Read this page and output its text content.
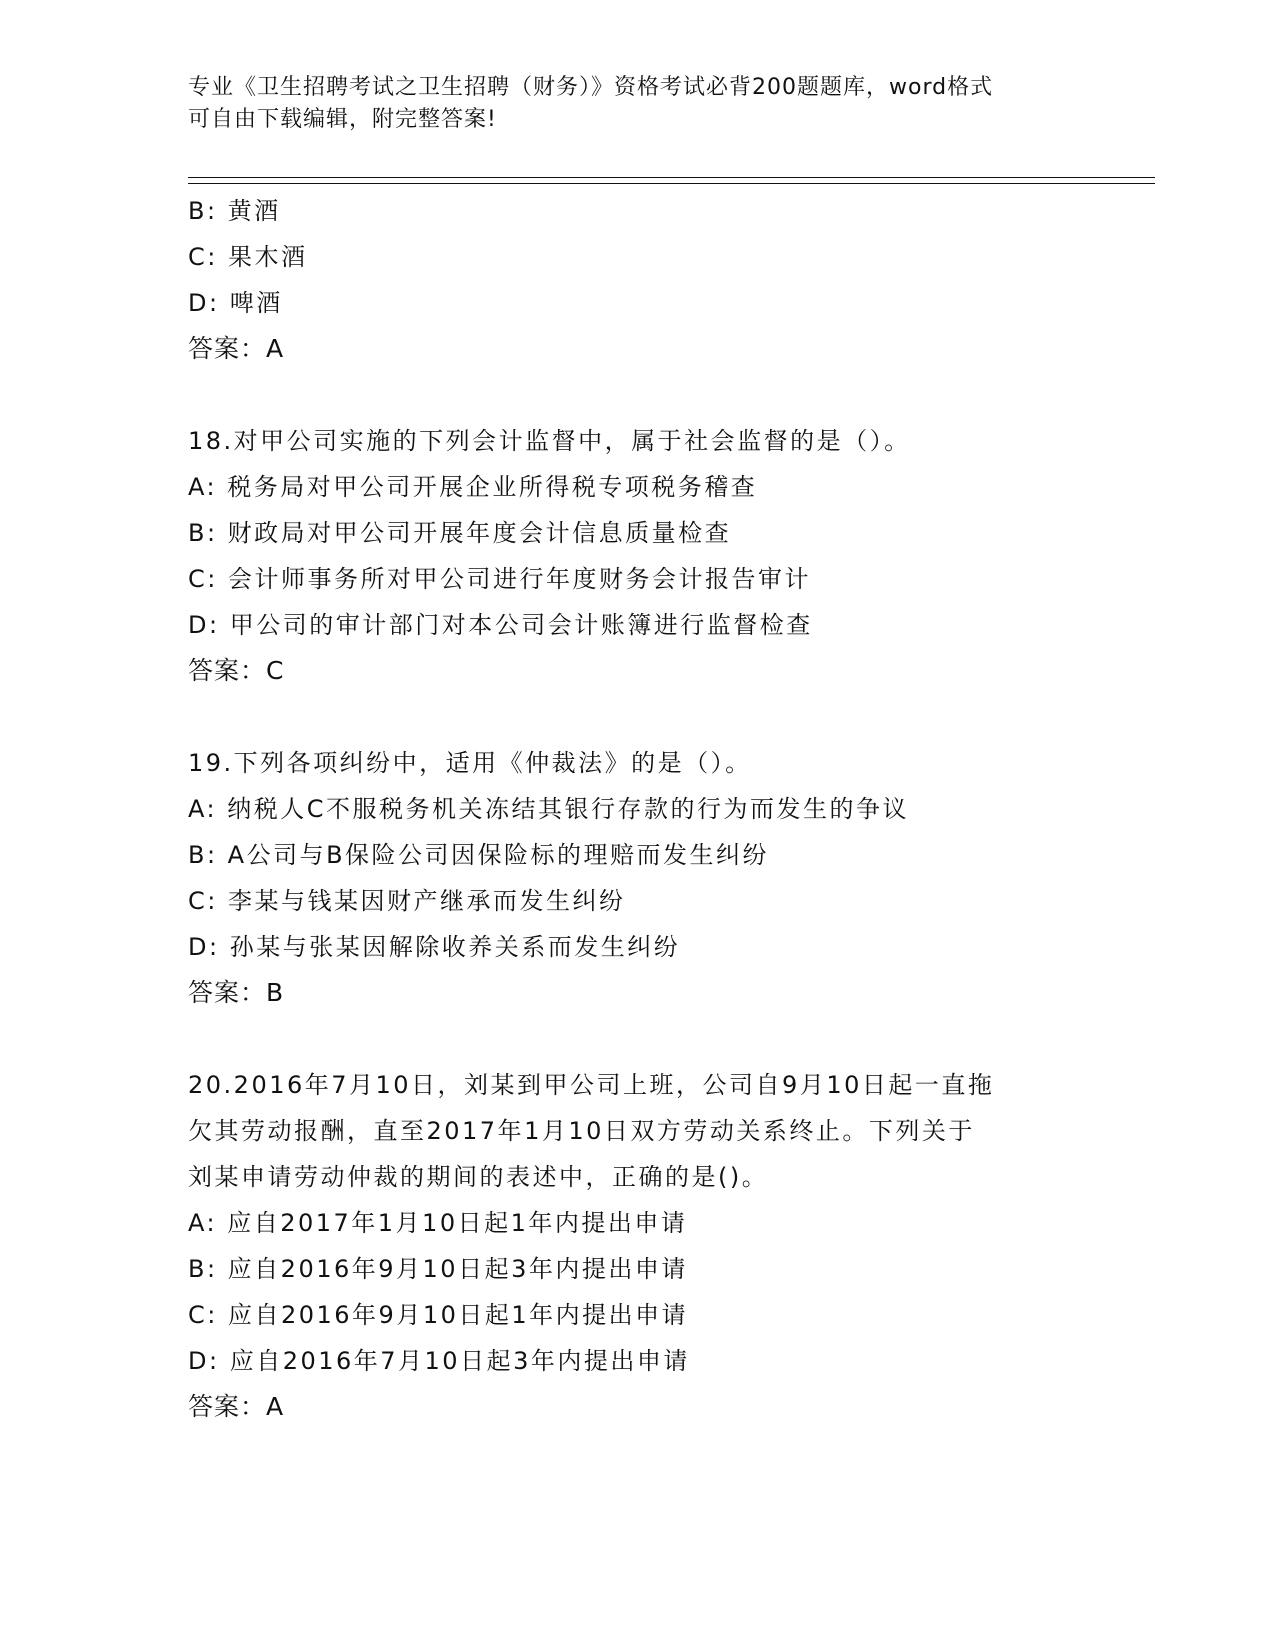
专业《卫生招聘考试之卫生招聘（财务）》资格考试必背200题题库，word格式
可自由下载编辑，附完整答案!
B: 黄酒
C: 果木酒
D: 啤酒
答案：A
18.对甲公司实施的下列会计监督中，属于社会监督的是（）。
A: 税务局对甲公司开展企业所得税专项税务稽查
B: 财政局对甲公司开展年度会计信息质量检查
C: 会计师事务所对甲公司进行年度财务会计报告审计
D: 甲公司的审计部门对本公司会计账簿进行监督检查
答案：C
19.下列各项纠纷中，适用《仲裁法》的是（）。
A: 纳税人C不服税务机关冻结其银行存款的行为而发生的争议
B: A公司与B保险公司因保险标的理赔而发生纠纷
C: 李某与钱某因财产继承而发生纠纷
D: 孙某与张某因解除收养关系而发生纠纷
答案：B
20.2016年7月10日，刘某到甲公司上班，公司自9月10日起一直拖
欠其劳动报酬，直至2017年1月10日双方劳动关系终止。下列关于
刘某申请劳动仲裁的期间的表述中，正确的是()。
A: 应自2017年1月10日起1年内提出申请
B: 应自2016年9月10日起3年内提出申请
C: 应自2016年9月10日起1年内提出申请
D: 应自2016年7月10日起3年内提出申请
答案：A
